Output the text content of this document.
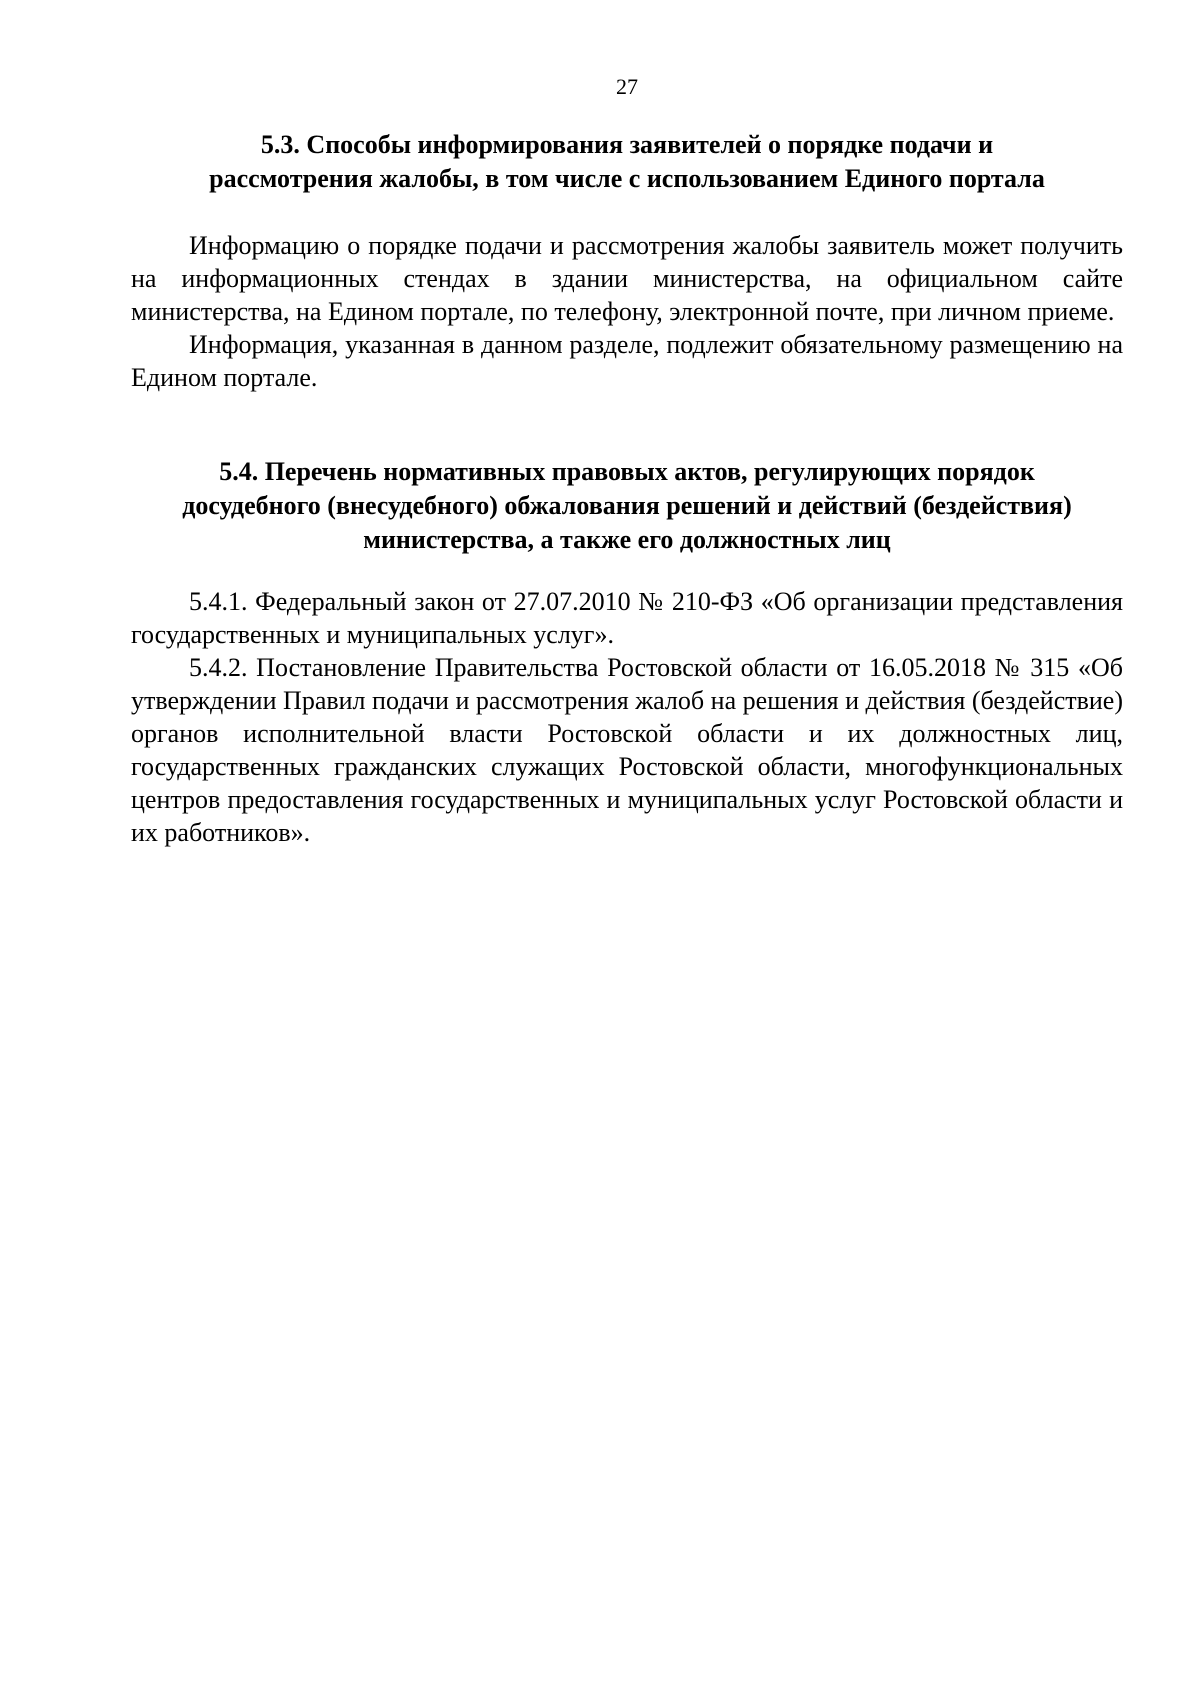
27
5.3. Способы информирования заявителей о порядке подачи и
рассмотрения жалобы, в том числе с использованием Единого портала

Информацию о порядке подачи и рассмотрения жалобы заявитель может получить на информационных стендах в здании министерства, на официальном сайте министерства, на Едином портале, по телефону, электронной почте, при личном приеме.

Информация, указанная в данном разделе, подлежит обязательному размещению на Едином портале.

5.4. Перечень нормативных правовых актов, регулирующих порядок
досудебного (внесудебного) обжалования решений и действий (бездействия)
министерства, а также его должностных лиц

5.4.1. Федеральный закон от 27.07.2010 № 210-ФЗ «Об организации представления государственных и муниципальных услуг».

5.4.2. Постановление Правительства Ростовской области от 16.05.2018 № 315 «Об утверждении Правил подачи и рассмотрения жалоб на решения и действия (бездействие) органов исполнительной власти Ростовской области и их должностных лиц, государственных гражданских служащих Ростовской области, многофункциональных центров предоставления государственных и муниципальных услуг Ростовской области и их работников».
